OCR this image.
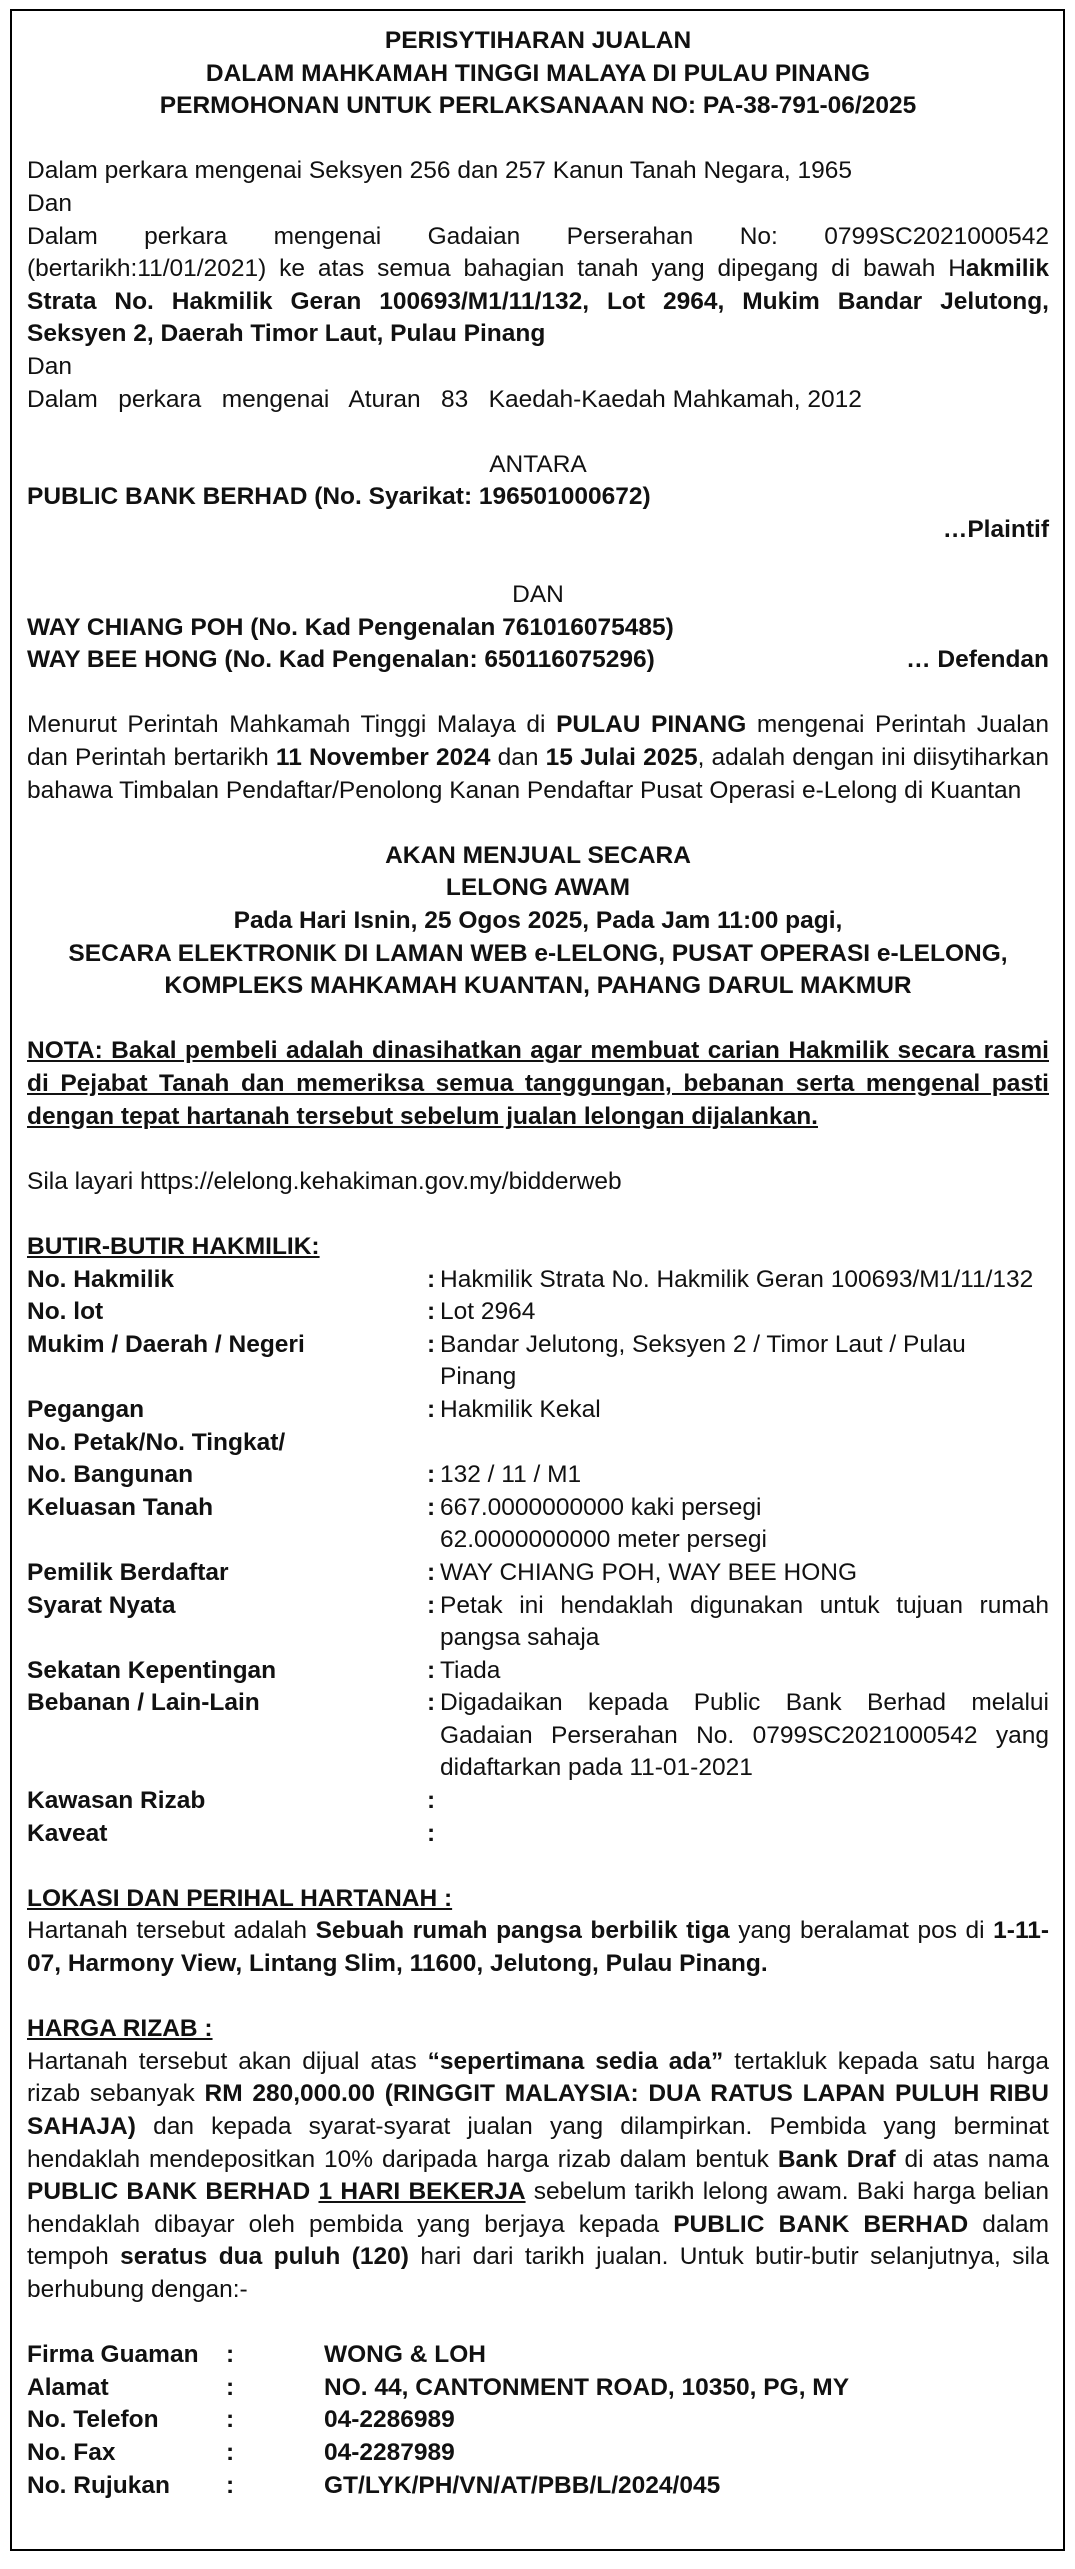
PERISYTIHARAN JUALAN
DALAM MAHKAMAH TINGGI MALAYA DI PULAU PINANG
PERMOHONAN UNTUK PERLAKSANAAN NO: PA-38-791-06/2025

Dalam perkara mengenai Seksyen 256 dan 257 Kanun Tanah Negara, 1965

Dan

Dalam perkara mengenai Gadaian Perserahan No: 0799SC2021000542 (bertarikh:11/01/2021) ke atas semua bahagian tanah yang dipegang di bawah Hakmilik Strata No. Hakmilik Geran 100693/M1/11/132, Lot 2964, Mukim Bandar Jelutong, Seksyen 2, Daerah Timor Laut, Pulau Pinang

Dan

Dalam   perkara   mengenai   Aturan   83   Kaedah-Kaedah Mahkamah, 2012

ANTARA
PUBLIC BANK BERHAD (No. Syarikat: 196501000672)
…Plaintif
DAN
WAY CHIANG POH (No. Kad Pengenalan 761016075485)
WAY BEE HONG (No. Kad Pengenalan: 650116075296)	… Defendan

Menurut Perintah Mahkamah Tinggi Malaya di PULAU PINANG mengenai Perintah Jualan dan Perintah bertarikh 11 November 2024 dan 15 Julai 2025, adalah dengan ini diisytiharkan bahawa Timbalan Pendaftar/Penolong Kanan Pendaftar Pusat Operasi e-Lelong di Kuantan

AKAN MENJUAL SECARA
LELONG AWAM
Pada Hari Isnin, 25 Ogos 2025, Pada Jam 11:00 pagi,
SECARA ELEKTRONIK DI LAMAN WEB e-LELONG, PUSAT OPERASI e-LELONG,
KOMPLEKS MAHKAMAH KUANTAN, PAHANG DARUL MAKMUR

NOTA: Bakal pembeli adalah dinasihatkan agar membuat carian Hakmilik secara rasmi di Pejabat Tanah dan memeriksa semua tanggungan, bebanan serta mengenal pasti dengan tepat hartanah tersebut sebelum jualan lelongan dijalankan.

Sila layari https://elelong.kehakiman.gov.my/bidderweb

BUTIR-BUTIR HAKMILIK:
No. Hakmilik	: Hakmilik Strata No. Hakmilik Geran 100693/M1/11/132
No. lot	: Lot 2964
Mukim / Daerah / Negeri	: Bandar Jelutong, Seksyen 2 / Timor Laut / Pulau Pinang
Pegangan	: Hakmilik Kekal
No. Petak/No. Tingkat/
No. Bangunan	: 132 / 11 / M1
Keluasan Tanah	: 667.0000000000 kaki persegi
62.0000000000 meter persegi
Pemilik Berdaftar	: WAY CHIANG POH, WAY BEE HONG
Syarat Nyata	: Petak ini hendaklah digunakan untuk tujuan rumah pangsa sahaja
Sekatan Kepentingan	: Tiada
Bebanan / Lain-Lain	: Digadaikan kepada Public Bank Berhad melalui Gadaian Perserahan No. 0799SC2021000542 yang didaftarkan pada 11-01-2021
Kawasan Rizab	:
Kaveat	:
LOKASI DAN PERIHAL HARTANAH :

Hartanah tersebut adalah Sebuah rumah pangsa berbilik tiga yang beralamat pos di 1-11-07, Harmony View, Lintang Slim, 11600, Jelutong, Pulau Pinang.

HARGA RIZAB :

Hartanah tersebut akan dijual atas “sepertimana sedia ada” tertakluk kepada satu harga rizab sebanyak RM 280,000.00 (RINGGIT MALAYSIA: DUA RATUS LAPAN PULUH RIBU SAHAJA) dan kepada syarat-syarat jualan yang dilampirkan. Pembida yang berminat hendaklah mendepositkan 10% daripada harga rizab dalam bentuk Bank Draf di atas nama PUBLIC BANK BERHAD 1 HARI BEKERJA sebelum tarikh lelong awam. Baki harga belian hendaklah dibayar oleh pembida yang berjaya kepada PUBLIC BANK BERHAD dalam tempoh seratus dua puluh (120) hari dari tarikh jualan. Untuk butir-butir selanjutnya, sila berhubung dengan:-

Firma Guaman	:	WONG & LOH
Alamat	:	NO. 44, CANTONMENT ROAD, 10350, PG, MY
No. Telefon	:	04-2286989
No. Fax	:	04-2287989
No. Rujukan	:	GT/LYK/PH/VN/AT/PBB/L/2024/045
